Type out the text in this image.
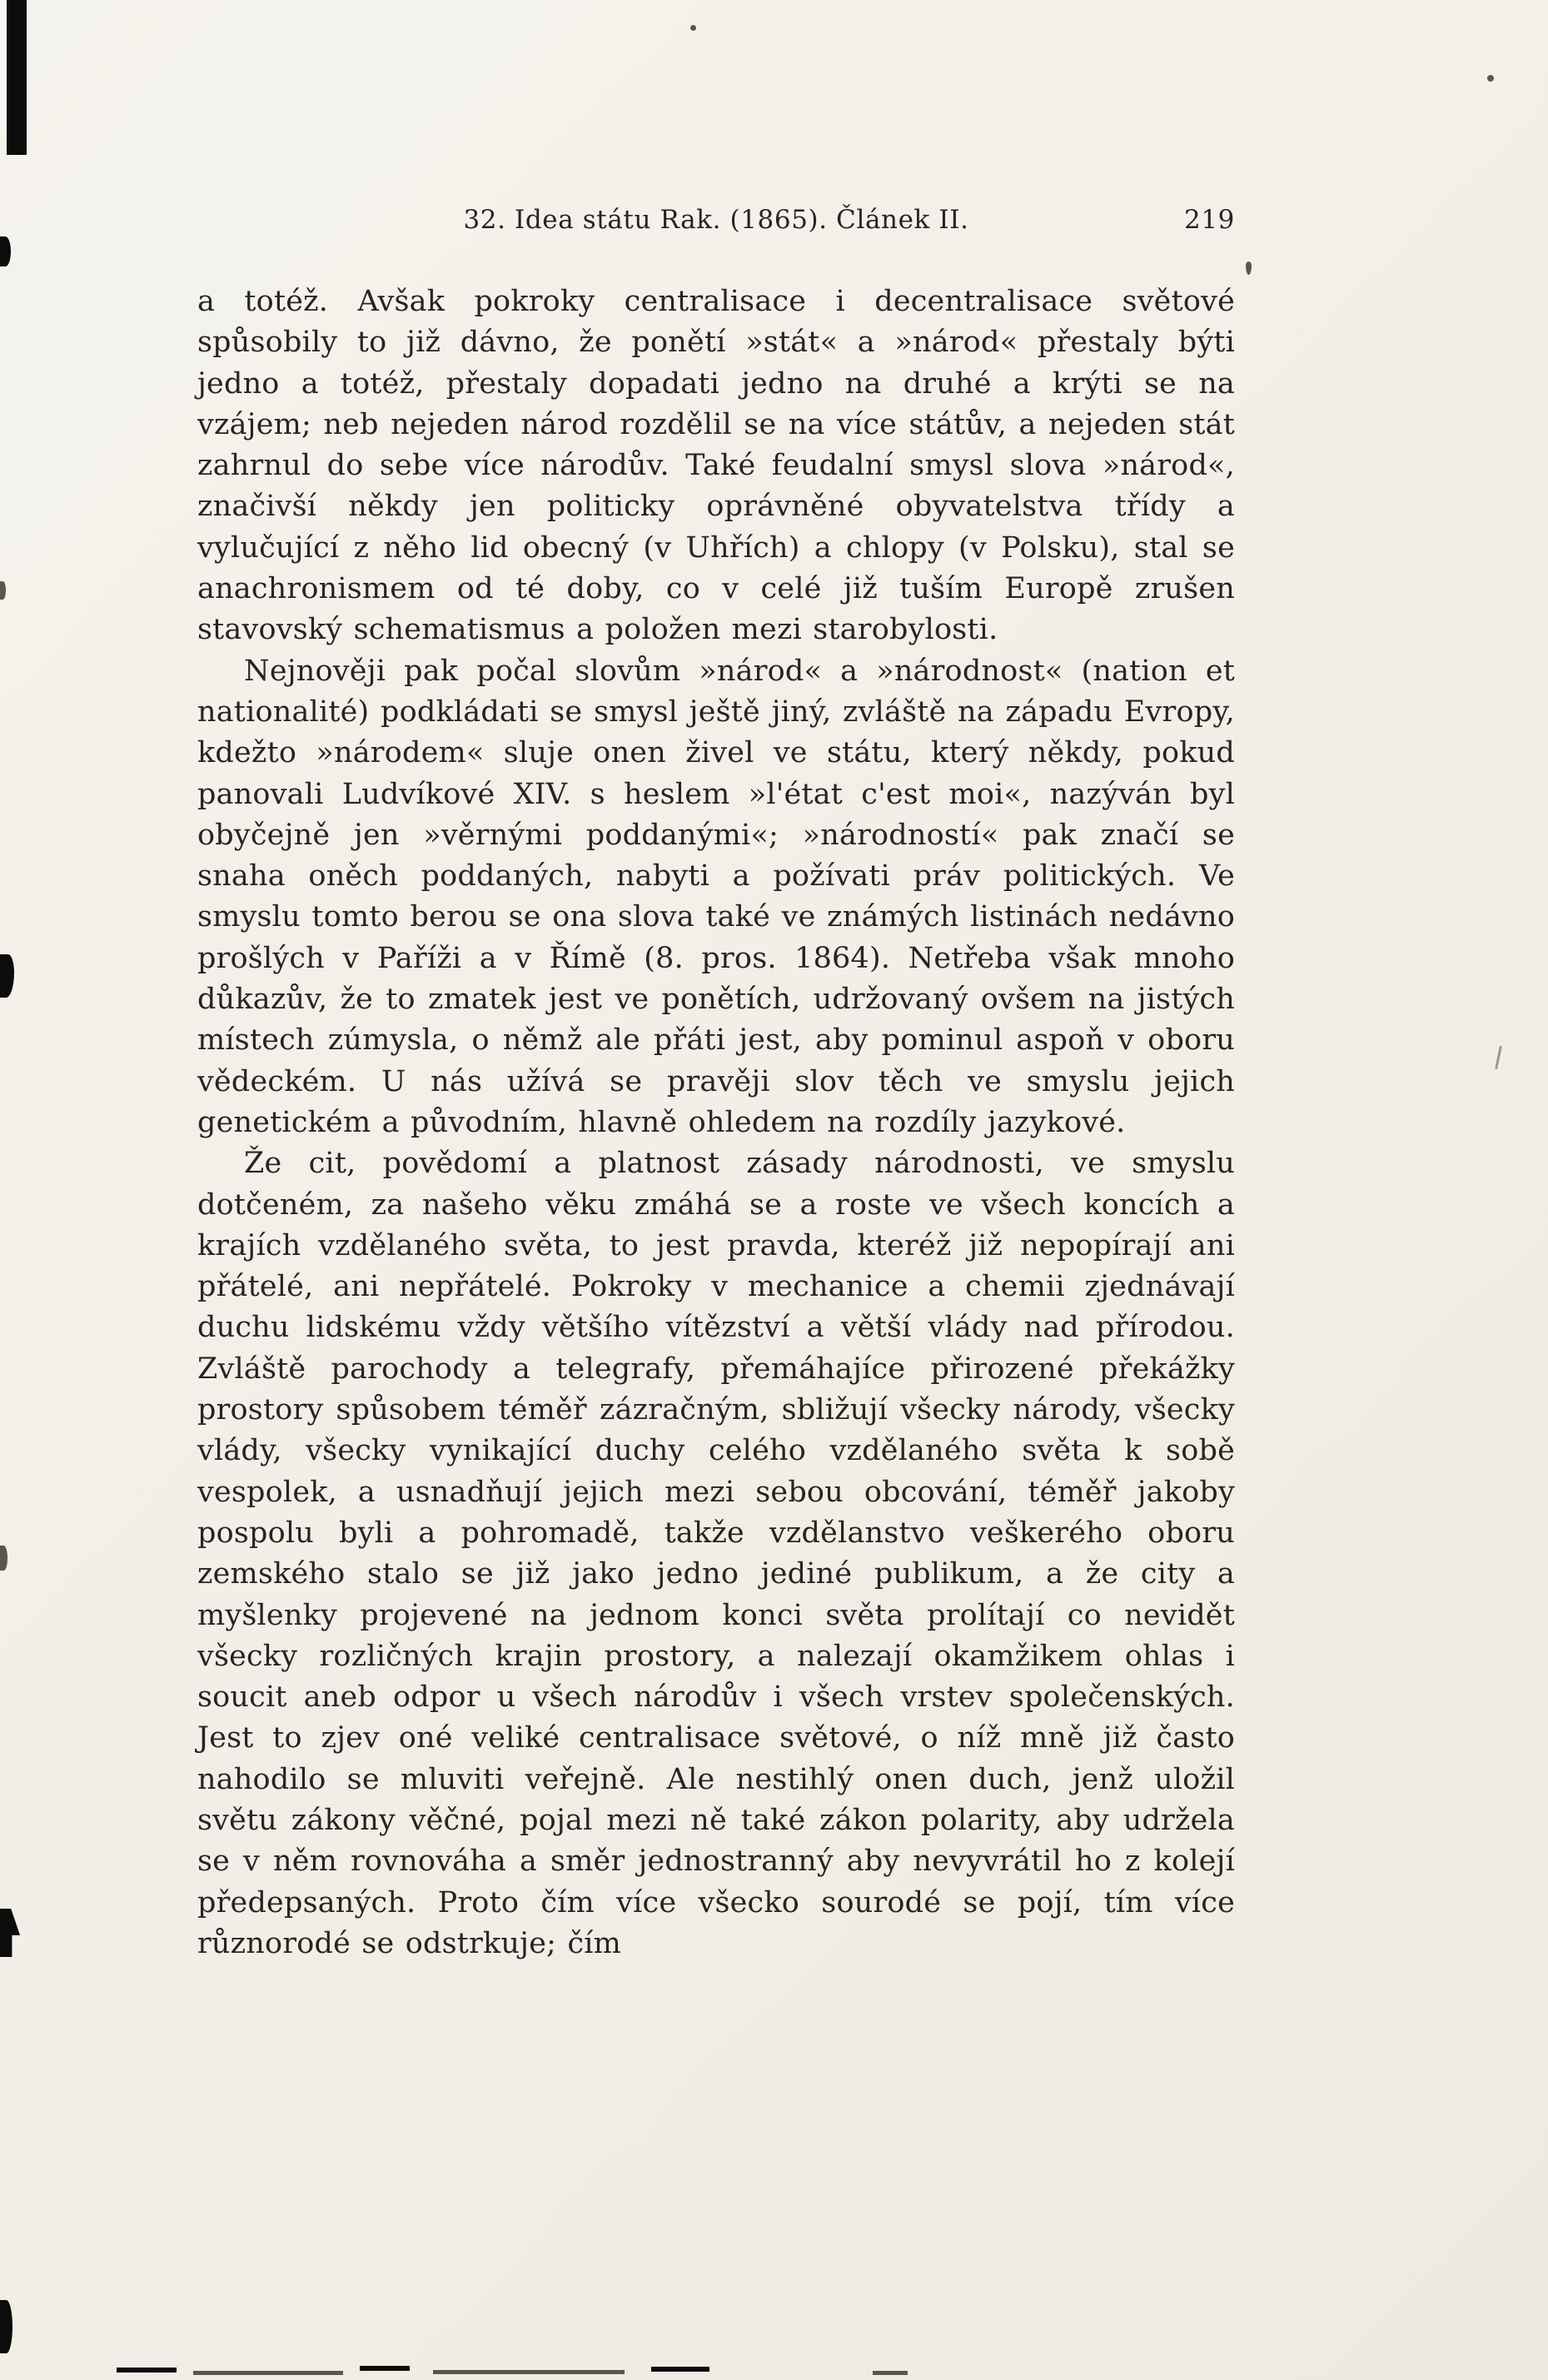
32. Idea státu Rak. (1865). Článek II.	219

a totéž. Avšak pokroky centralisace i decentralisace světové spůsobily to již dávno, že ponětí »stát« a »národ« přestaly býti jedno a totéž, přestaly dopadati jedno na druhé a krýti se na vzájem; neb nejeden národ rozdělil se na více státův, a nejeden stát zahrnul do sebe více národův. Také feudalní smysl slova »národ«, značivší někdy jen politicky oprávněné obyvatelstva třídy a vylučující z něho lid obecný (v Uhřích) a chlopy (v Polsku), stal se anachronismem od té doby, co v celé již tuším Europě zrušen stavovský schematismus a položen mezi starobylosti.

Nejnověji pak počal slovům »národ« a »národnost« (nation et nationalité) podkládati se smysl ještě jiný, zvláště na západu Evropy, kdežto »národem« sluje onen živel ve státu, který někdy, pokud panovali Ludvíkové XIV. s heslem »l'état c'est moi«, nazýván byl obyčejně jen »věrnými poddanými«; »národností« pak značí se snaha oněch poddaných, nabyti a požívati práv politických. Ve smyslu tomto berou se ona slova také ve známých listinách nedávno prošlých v Paříži a v Římě (8. pros. 1864). Netřeba však mnoho důkazův, že to zmatek jest ve ponětích, udržovaný ovšem na jistých místech zúmysla, o němž ale přáti jest, aby pominul aspoň v oboru vědeckém. U nás užívá se pravěji slov těch ve smyslu jejich genetickém a původním, hlavně ohledem na rozdíly jazykové.

Že cit, povědomí a platnost zásady národnosti, ve smyslu dotčeném, za našeho věku zmáhá se a roste ve všech koncích a krajích vzdělaného světa, to jest pravda, kteréž již nepopírají ani přátelé, ani nepřátelé. Pokroky v mechanice a chemii zjednávají duchu lidskému vždy většího vítězství a větší vlády nad přírodou. Zvláště parochody a telegrafy, přemáhajíce přirozené překážky prostory spůsobem téměř zázračným, sbližují všecky národy, všecky vlády, všecky vynikající duchy celého vzdělaného světa k sobě vespolek, a usnadňují jejich mezi sebou obcování, téměř jakoby pospolu byli a pohromadě, takže vzdělanstvo veškerého oboru zemského stalo se již jako jedno jediné publikum, a že city a myšlenky projevené na jednom konci světa prolítají co nevidět všecky rozličných krajin prostory, a nalezají okamžikem ohlas i soucit aneb odpor u všech národův i všech vrstev společenských. Jest to zjev oné veliké centralisace světové, o níž mně již často nahodilo se mluviti veřejně. Ale nestihlý onen duch, jenž uložil světu zákony věčné, pojal mezi ně také zákon polarity, aby udržela se v něm rovnováha a směr jednostranný aby nevyvrátil ho z kolejí předepsaných. Proto čím více všecko sourodé se pojí, tím více různorodé se odstrkuje; čím
